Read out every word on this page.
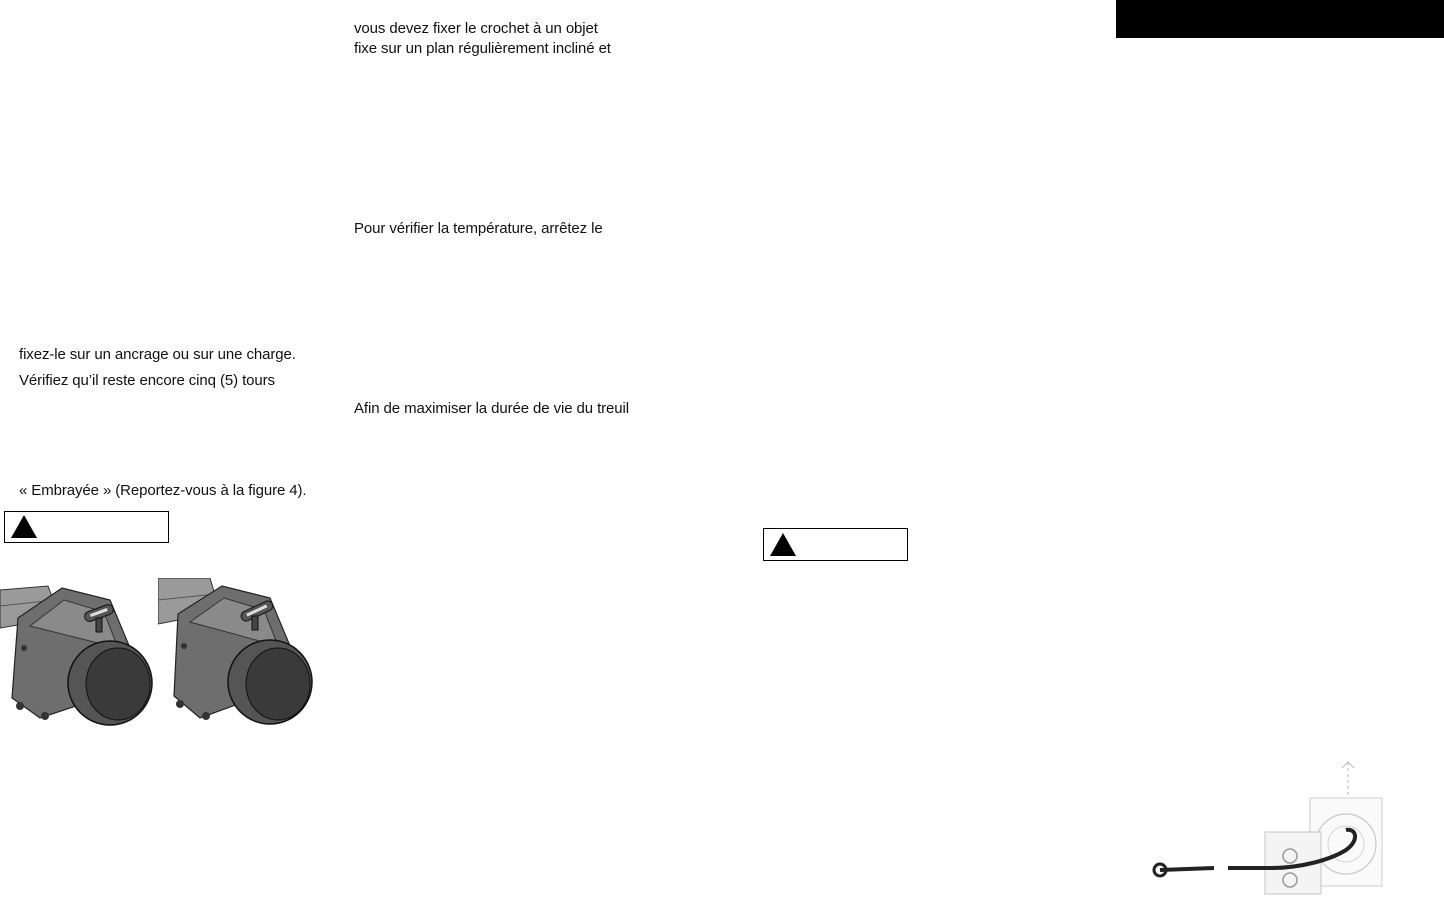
vous devez fixer le crochet à un objet

fixe sur un plan régulièrement incliné et

Pour vérifier la température, arrêtez le

Afin de maximiser la durée de vie du treuil

fixez-le sur un ancrage ou sur une charge.

Vérifiez qu’il reste encore cinq (5) tours

« Embrayée » (Reportez-vous à la figure 4).
